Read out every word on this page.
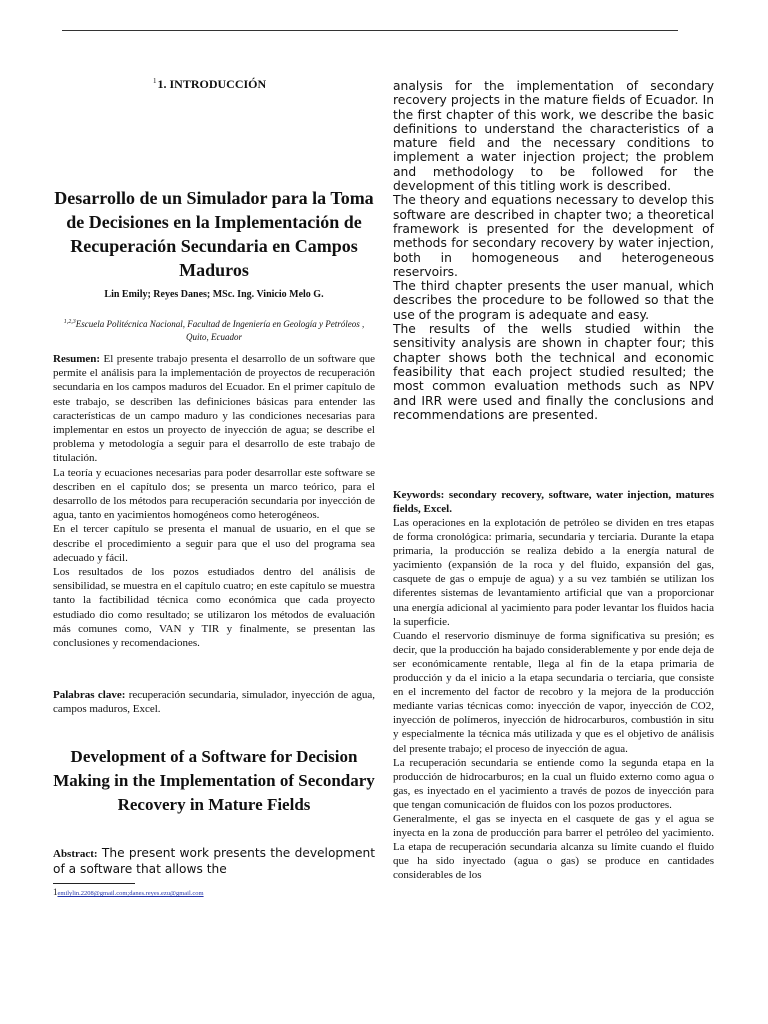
$^1$1. INTRODUCCIÓN
Desarrollo de un Simulador para la Toma de Decisiones en la Implementación de Recuperación Secundaria en Campos Maduros
Lin Emily; Reyes Danes; MSc. Ing. Vinicio Melo G.
$^{1,2,3}$Escuela Politécnica Nacional, Facultad de Ingeniería en Geología y Petróleos , Quito, Ecuador

Resumen: El presente trabajo presenta el desarrollo de un software que permite el análisis para la implementación de proyectos de recuperación secundaria en los campos maduros del Ecuador. En el primer capítulo de este trabajo, se describen las definiciones básicas para entender las características de un campo maduro y las condiciones necesarias para implementar en estos un proyecto de inyección de agua; se describe el problema y metodología a seguir para el desarrollo de este trabajo de titulación.

La teoría y ecuaciones necesarias para poder desarrollar este software se describen en el capítulo dos; se presenta un marco teórico, para el desarrollo de los métodos para recuperación secundaria por inyección de agua, tanto en yacimientos homogéneos como heterogéneos.

En el tercer capítulo se presenta el manual de usuario, en el que se describe el procedimiento a seguir para que el uso del programa sea adecuado y fácil.

Los resultados de los pozos estudiados dentro del análisis de sensibilidad, se muestra en el capítulo cuatro; en este capítulo se muestra tanto la factibilidad técnica como económica que cada proyecto estudiado dio como resultado; se utilizaron los métodos de evaluación más comunes como, VAN y TIR y finalmente, se presentan las conclusiones y recomendaciones.

Palabras clave: recuperación secundaria, simulador, inyección de agua, campos maduros, Excel.

Development of a Software for Decision Making in the Implementation of Secondary Recovery in Mature Fields

Abstract: The present work presents the development of a software that allows the

1emilylin.2208@gmail.com;danes.reyes.ezu@gmail.com

analysis for the implementation of secondary recovery projects in the mature fields of Ecuador. In the first chapter of this work, we describe the basic definitions to understand the characteristics of a mature field and the necessary conditions to implement a water injection project; the problem and methodology to be followed for the development of this titling work is described.

The theory and equations necessary to develop this software are described in chapter two; a theoretical framework is presented for the development of methods for secondary recovery by water injection, both in homogeneous and heterogeneous reservoirs.

The third chapter presents the user manual, which describes the procedure to be followed so that the use of the program is adequate and easy.

The results of the wells studied within the sensitivity analysis are shown in chapter four; this chapter shows both the technical and economic feasibility that each project studied resulted; the most common evaluation methods such as NPV and IRR were used and finally the conclusions and recommendations are presented.

Keywords: secondary recovery, software, water injection, matures fields, Excel.

Las operaciones en la explotación de petróleo se dividen en tres etapas de forma cronológica: primaria, secundaria y terciaria. Durante la etapa primaria, la producción se realiza debido a la energía natural de yacimiento (expansión de la roca y del fluido, expansión del gas, casquete de gas o empuje de agua) y a su vez también se utilizan los diferentes sistemas de levantamiento artificial que van a proporcionar una energía adicional al yacimiento para poder levantar los fluidos hacia la superficie.

Cuando el reservorio disminuye de forma significativa su presión; es decir, que la producción ha bajado considerablemente y por ende deja de ser económicamente rentable, llega al fin de la etapa primaria de producción y da el inicio a la etapa secundaria o terciaria, que consiste en el incremento del factor de recobro y la mejora de la producción mediante varias técnicas como: inyección de vapor, inyección de CO2, inyección de polímeros, inyección de hidrocarburos, combustión in situ y especialmente la técnica más utilizada y que es el objetivo de análisis del presente trabajo; el proceso de inyección de agua.

La recuperación secundaria se entiende como la segunda etapa en la producción de hidrocarburos; en la cual un fluido externo como agua o gas, es inyectado en el yacimiento a través de pozos de inyección para que tengan comunicación de fluidos con los pozos productores.

Generalmente, el gas se inyecta en el casquete de gas y el agua se inyecta en la zona de producción para barrer el petróleo del yacimiento. La etapa de recuperación secundaria alcanza su límite cuando el fluido que ha sido inyectado (agua o gas) se produce en cantidades considerables de los
